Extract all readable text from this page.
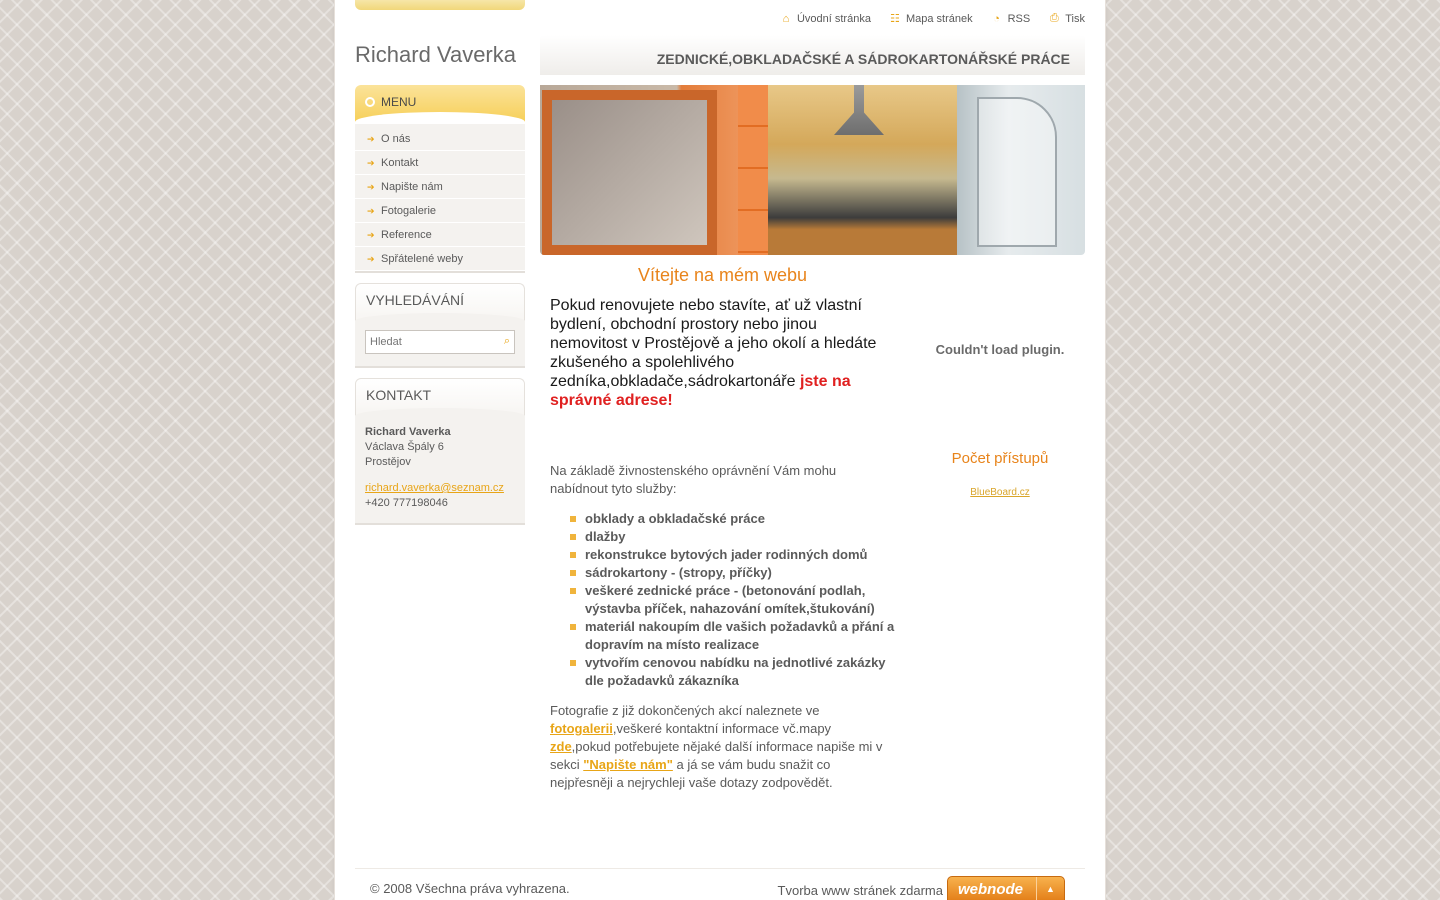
⌂ Úvodní stránka ☷ Mapa stránek ◔ RSS ⎙ Tisk
Richard Vaverka	ZEDNICKÉ,OBKLADAČSKÉ A SÁDROKARTONÁŘSKÉ PRÁCE
MENU
➔ O nás
➔ Kontakt
➔ Napište nám
➔ Fotogalerie
➔ Reference
➔ Spřátelené weby
VYHLEDÁVÁNÍ
Hledat
⌕
KONTAKT
Richard Vaverka
Václava Špály 6
Prostějov
richard.vaverka@seznam.cz
+420 777198046
Vítejte na mém webu
Pokud renovujete nebo stavíte, ať už vlastní bydlení, obchodní prostory nebo jinou nemovitost v Prostějově a jeho okolí a hledáte zkušeného a spolehlivého zedníka,obkladače,sádrokartonáře jste na správné adrese!
Na základě živnostenského oprávnění Vám mohu nabídnout tyto služby:
obklady a obkladačské práce
dlažby
rekonstrukce bytových jader rodinných domů
sádrokartony - (stropy, příčky)
veškeré zednické práce - (betonování podlah, výstavba příček, nahazování omítek,štukování)
materiál nakoupím dle vašich požadavků a přání a dopravím na místo realizace
vytvořím cenovou nabídku na jednotlivé zakázky dle požadavků zákazníka
Fotografie z již dokončených akcí naleznete ve fotogalerii,veškeré kontaktní informace vč.mapy zde,pokud potřebujete nějaké další informace napiše mi v sekci "Napište nám" a já se vám budu snažit co nejpřesněji a nejrychleji vaše dotazy zodpovědět.
Couldn't load plugin.
Počet přístupů
BlueBoard.cz
© 2008 Všechna práva vyhrazena.	Tvorba www stránek zdarma	webnode	▲
